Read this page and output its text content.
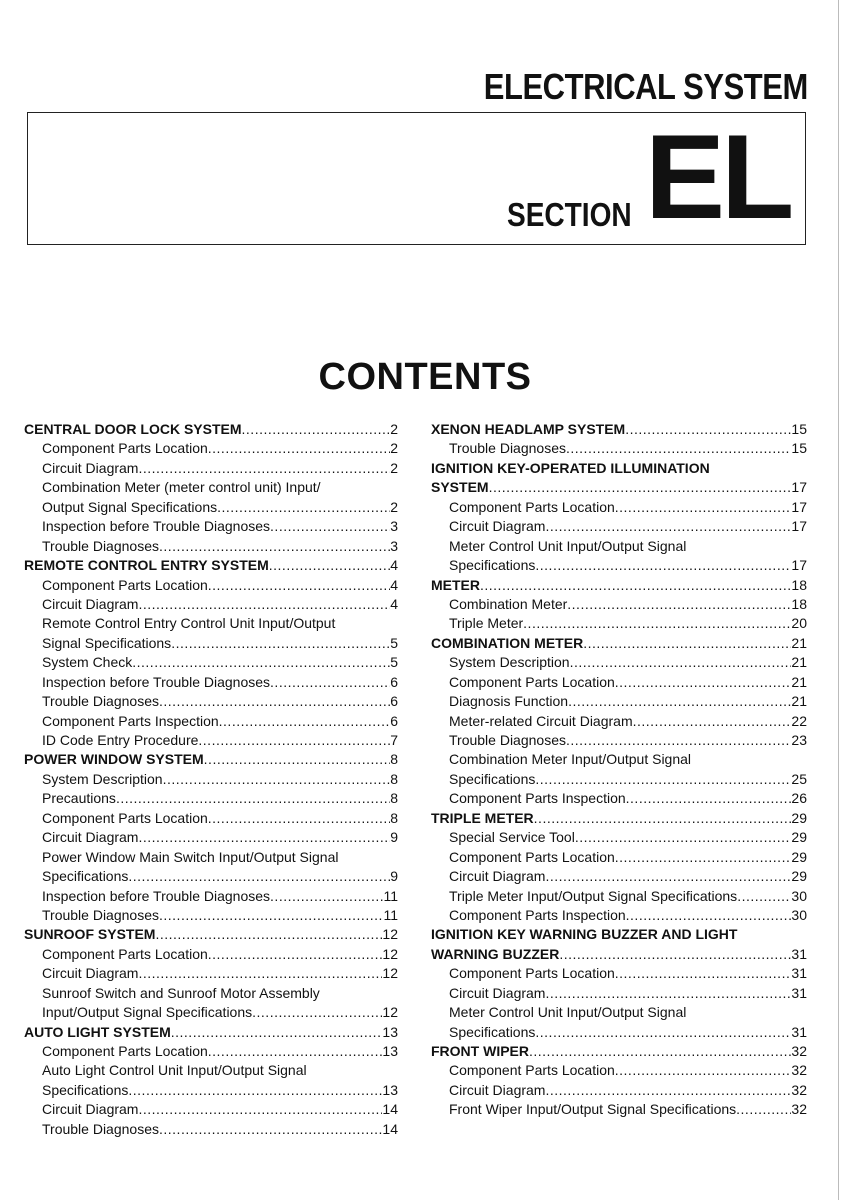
ELECTRICAL SYSTEM
SECTION EL
CONTENTS
CENTRAL DOOR LOCK SYSTEM .....	2
Component Parts Location .....	2
Circuit Diagram .....	2
Combination Meter (meter control unit) Input/
Output Signal Specifications .....	2
Inspection before Trouble Diagnoses .....	3
Trouble Diagnoses .....	3
REMOTE CONTROL ENTRY SYSTEM .....	4
Component Parts Location .....	4
Circuit Diagram .....	4
Remote Control Entry Control Unit Input/Output
Signal Specifications .....	5
System Check .....	5
Inspection before Trouble Diagnoses .....	6
Trouble Diagnoses .....	6
Component Parts Inspection .....	6
ID Code Entry Procedure .....	7
POWER WINDOW SYSTEM .....	8
System Description .....	8
Precautions .....	8
Component Parts Location .....	8
Circuit Diagram .....	9
Power Window Main Switch Input/Output Signal
Specifications .....	9
Inspection before Trouble Diagnoses .....	11
Trouble Diagnoses .....	11
SUNROOF SYSTEM .....	12
Component Parts Location .....	12
Circuit Diagram .....	12
Sunroof Switch and Sunroof Motor Assembly
Input/Output Signal Specifications .....	12
AUTO LIGHT SYSTEM .....	13
Component Parts Location .....	13
Auto Light Control Unit Input/Output Signal
Specifications .....	13
Circuit Diagram .....	14
Trouble Diagnoses .....	14
XENON HEADLAMP SYSTEM .....	15
Trouble Diagnoses .....	15
IGNITION KEY-OPERATED ILLUMINATION
SYSTEM .....	17
Component Parts Location .....	17
Circuit Diagram .....	17
Meter Control Unit Input/Output Signal
Specifications .....	17
METER .....	18
Combination Meter .....	18
Triple Meter .....	20
COMBINATION METER .....	21
System Description .....	21
Component Parts Location .....	21
Diagnosis Function .....	21
Meter-related Circuit Diagram .....	22
Trouble Diagnoses .....	23
Combination Meter Input/Output Signal
Specifications .....	25
Component Parts Inspection .....	26
TRIPLE METER .....	29
Special Service Tool .....	29
Component Parts Location .....	29
Circuit Diagram .....	29
Triple Meter Input/Output Signal Specifications .....	30
Component Parts Inspection .....	30
IGNITION KEY WARNING BUZZER AND LIGHT
WARNING BUZZER .....	31
Component Parts Location .....	31
Circuit Diagram .....	31
Meter Control Unit Input/Output Signal
Specifications .....	31
FRONT WIPER .....	32
Component Parts Location .....	32
Circuit Diagram .....	32
Front Wiper Input/Output Signal Specifications .....	32
